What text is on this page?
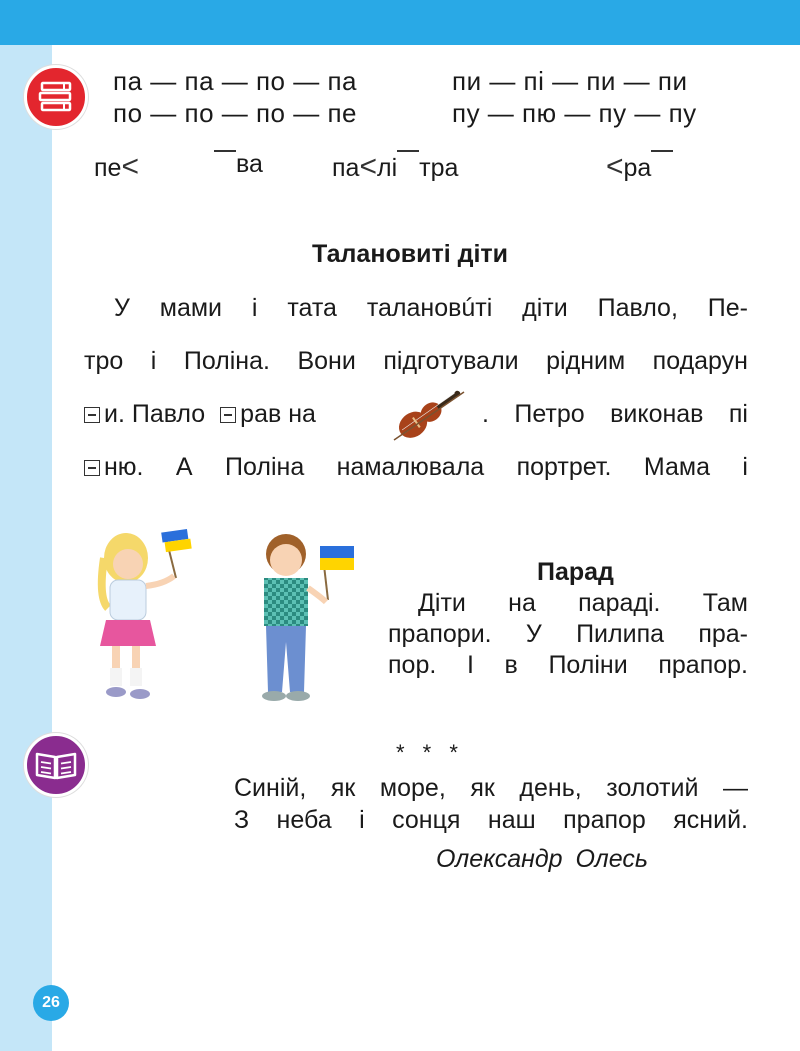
па — па — по — па	пи — пі — пи — пи
по — по — по — пе	пу — пю — пу — пу
пе<	ва	па<лі тра	<ра
Талановиті діти
У мами і тата талановúті діти Павло, Пе-
тро і Поліна. Вони підготували рідним подарун
и. Павло рав на	. Петро виконав пі
ню. А Поліна намалювала портрет. Мама і
Парад
Діти на параді. Там
прапори. У Пилипа пра-
пор. І в Поліни прапор.
* * *
Синій, як море, як день, золотий —
З неба і сонця наш прапор ясний.
Олександр Олесь
26
